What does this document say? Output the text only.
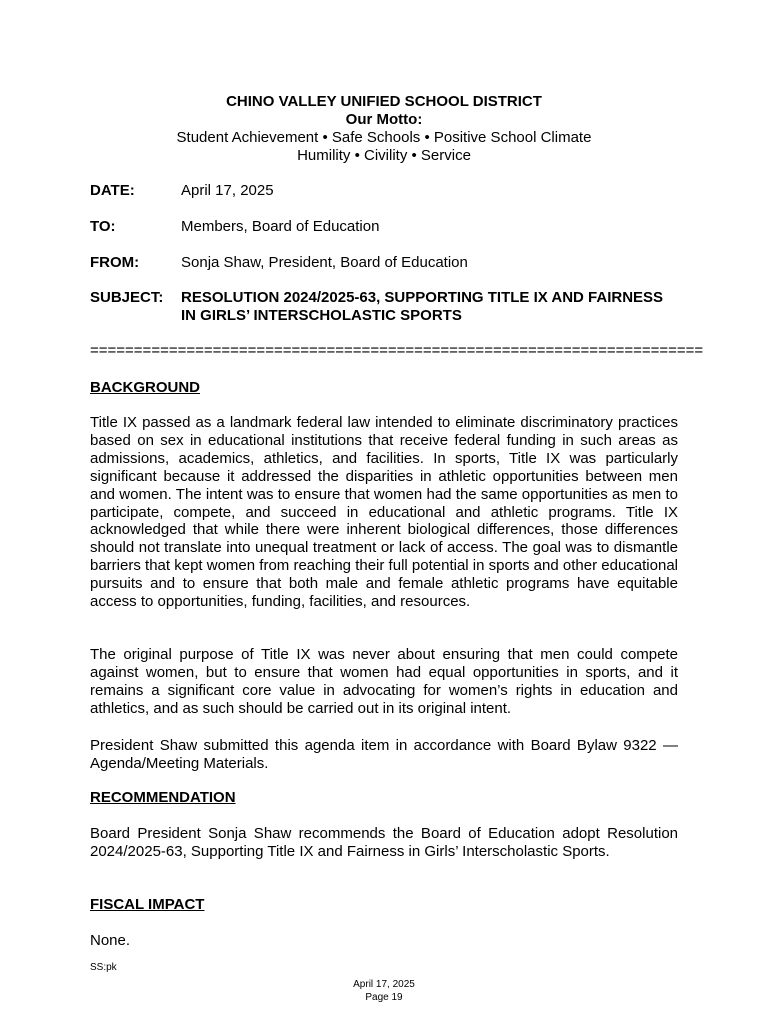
CHINO VALLEY UNIFIED SCHOOL DISTRICT
Our Motto:
Student Achievement • Safe Schools • Positive School Climate
Humility • Civility • Service
DATE:	April 17, 2025
TO:	Members, Board of Education
FROM:	Sonja Shaw, President, Board of Education
SUBJECT: RESOLUTION 2024/2025-63, SUPPORTING TITLE IX AND FAIRNESS IN GIRLS’ INTERSCHOLASTIC SPORTS
======================================================================
BACKGROUND
Title IX passed as a landmark federal law intended to eliminate discriminatory practices based on sex in educational institutions that receive federal funding in such areas as admissions, academics, athletics, and facilities. In sports, Title IX was particularly significant because it addressed the disparities in athletic opportunities between men and women. The intent was to ensure that women had the same opportunities as men to participate, compete, and succeed in educational and athletic programs. Title IX acknowledged that while there were inherent biological differences, those differences should not translate into unequal treatment or lack of access. The goal was to dismantle barriers that kept women from reaching their full potential in sports and other educational pursuits and to ensure that both male and female athletic programs have equitable access to opportunities, funding, facilities, and resources.
The original purpose of Title IX was never about ensuring that men could compete against women, but to ensure that women had equal opportunities in sports, and it remains a significant core value in advocating for women’s rights in education and athletics, and as such should be carried out in its original intent.
President Shaw submitted this agenda item in accordance with Board Bylaw 9322 —Agenda/Meeting Materials.
RECOMMENDATION
Board President Sonja Shaw recommends the Board of Education adopt Resolution 2024/2025-63, Supporting Title IX and Fairness in Girls’ Interscholastic Sports.
FISCAL IMPACT
None.
SS:pk
April 17, 2025
Page 19
